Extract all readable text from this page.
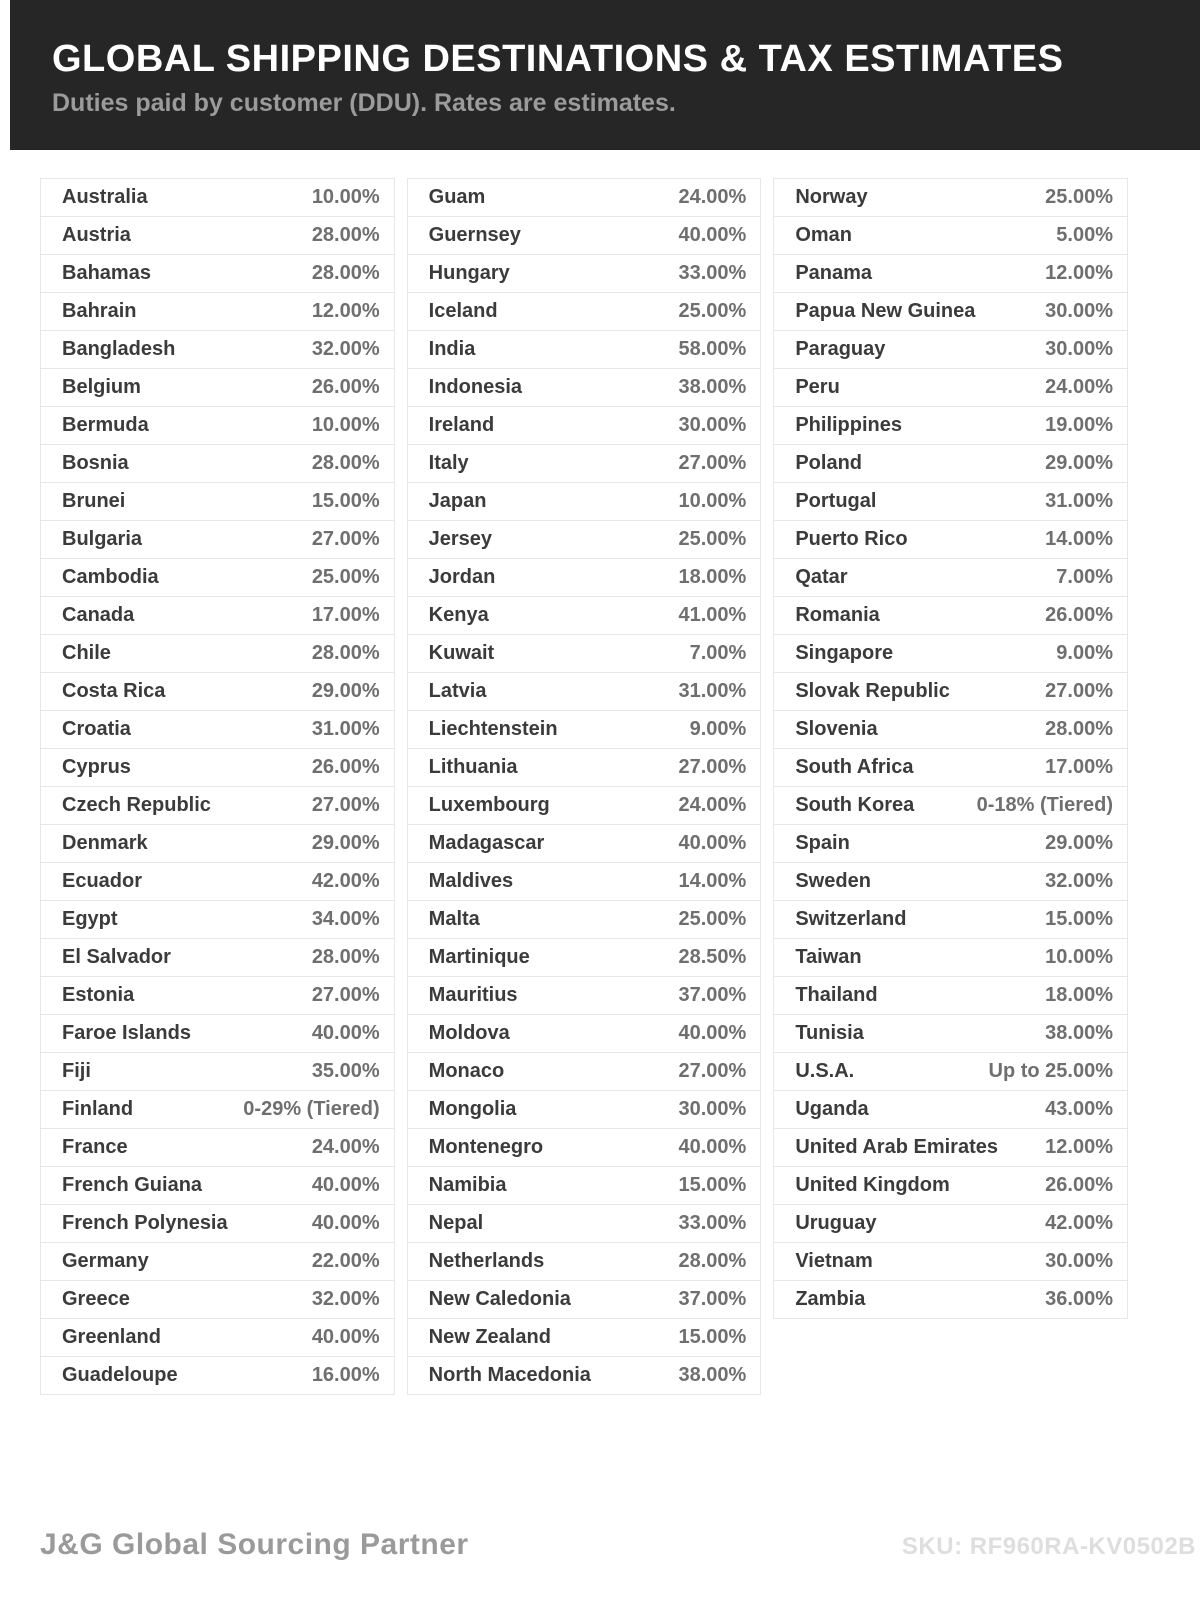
GLOBAL SHIPPING DESTINATIONS & TAX ESTIMATES
Duties paid by customer (DDU). Rates are estimates.
Australia	10.00%
Austria	28.00%
Bahamas	28.00%
Bahrain	12.00%
Bangladesh	32.00%
Belgium	26.00%
Bermuda	10.00%
Bosnia	28.00%
Brunei	15.00%
Bulgaria	27.00%
Cambodia	25.00%
Canada	17.00%
Chile	28.00%
Costa Rica	29.00%
Croatia	31.00%
Cyprus	26.00%
Czech Republic	27.00%
Denmark	29.00%
Ecuador	42.00%
Egypt	34.00%
El Salvador	28.00%
Estonia	27.00%
Faroe Islands	40.00%
Fiji	35.00%
Finland	0-29% (Tiered)
France	24.00%
French Guiana	40.00%
French Polynesia	40.00%
Germany	22.00%
Greece	32.00%
Greenland	40.00%
Guadeloupe	16.00%
Guam	24.00%
Guernsey	40.00%
Hungary	33.00%
Iceland	25.00%
India	58.00%
Indonesia	38.00%
Ireland	30.00%
Italy	27.00%
Japan	10.00%
Jersey	25.00%
Jordan	18.00%
Kenya	41.00%
Kuwait	7.00%
Latvia	31.00%
Liechtenstein	9.00%
Lithuania	27.00%
Luxembourg	24.00%
Madagascar	40.00%
Maldives	14.00%
Malta	25.00%
Martinique	28.50%
Mauritius	37.00%
Moldova	40.00%
Monaco	27.00%
Mongolia	30.00%
Montenegro	40.00%
Namibia	15.00%
Nepal	33.00%
Netherlands	28.00%
New Caledonia	37.00%
New Zealand	15.00%
North Macedonia	38.00%
Norway	25.00%
Oman	5.00%
Panama	12.00%
Papua New Guinea	30.00%
Paraguay	30.00%
Peru	24.00%
Philippines	19.00%
Poland	29.00%
Portugal	31.00%
Puerto Rico	14.00%
Qatar	7.00%
Romania	26.00%
Singapore	9.00%
Slovak Republic	27.00%
Slovenia	28.00%
South Africa	17.00%
South Korea	0-18% (Tiered)
Spain	29.00%
Sweden	32.00%
Switzerland	15.00%
Taiwan	10.00%
Thailand	18.00%
Tunisia	38.00%
U.S.A.	Up to 25.00%
Uganda	43.00%
United Arab Emirates 12.00%
United Kingdom	26.00%
Uruguay	42.00%
Vietnam	30.00%
Zambia	36.00%
J&G Global Sourcing Partner	SKU: RF960RA-KV0502B
